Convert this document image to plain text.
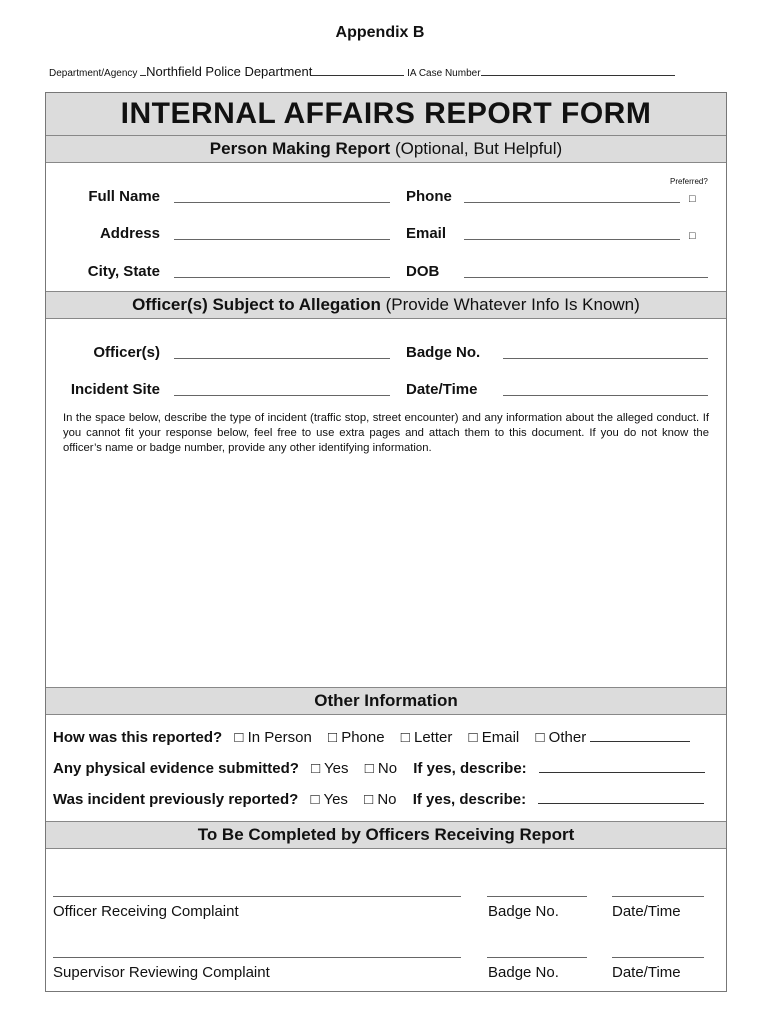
Appendix B
Department/Agency Northfield Police Department	IA Case Number
INTERNAL AFFAIRS REPORT FORM
Person Making Report (Optional, But Helpful)
Preferred?
Full Name	Phone	□
Address	Email	□
City, State	DOB
Officer(s) Subject to Allegation (Provide Whatever Info Is Known)
Officer(s)	Badge No.
Incident Site	Date/Time
In the space below, describe the type of incident (traffic stop, street encounter) and any information about the alleged conduct. If you cannot fit your response below, feel free to use extra pages and attach them to this document. If you do not know the officer’s name or badge number, provide any other identifying information.
Other Information
How was this reported? □ In Person □ Phone □ Letter □ Email □ Other
Any physical evidence submitted? □ Yes □ No If yes, describe:
Was incident previously reported? □ Yes □ No If yes, describe:
To Be Completed by Officers Receiving Report
Officer Receiving Complaint	Badge No.	Date/Time
Supervisor Reviewing Complaint	Badge No.	Date/Time
